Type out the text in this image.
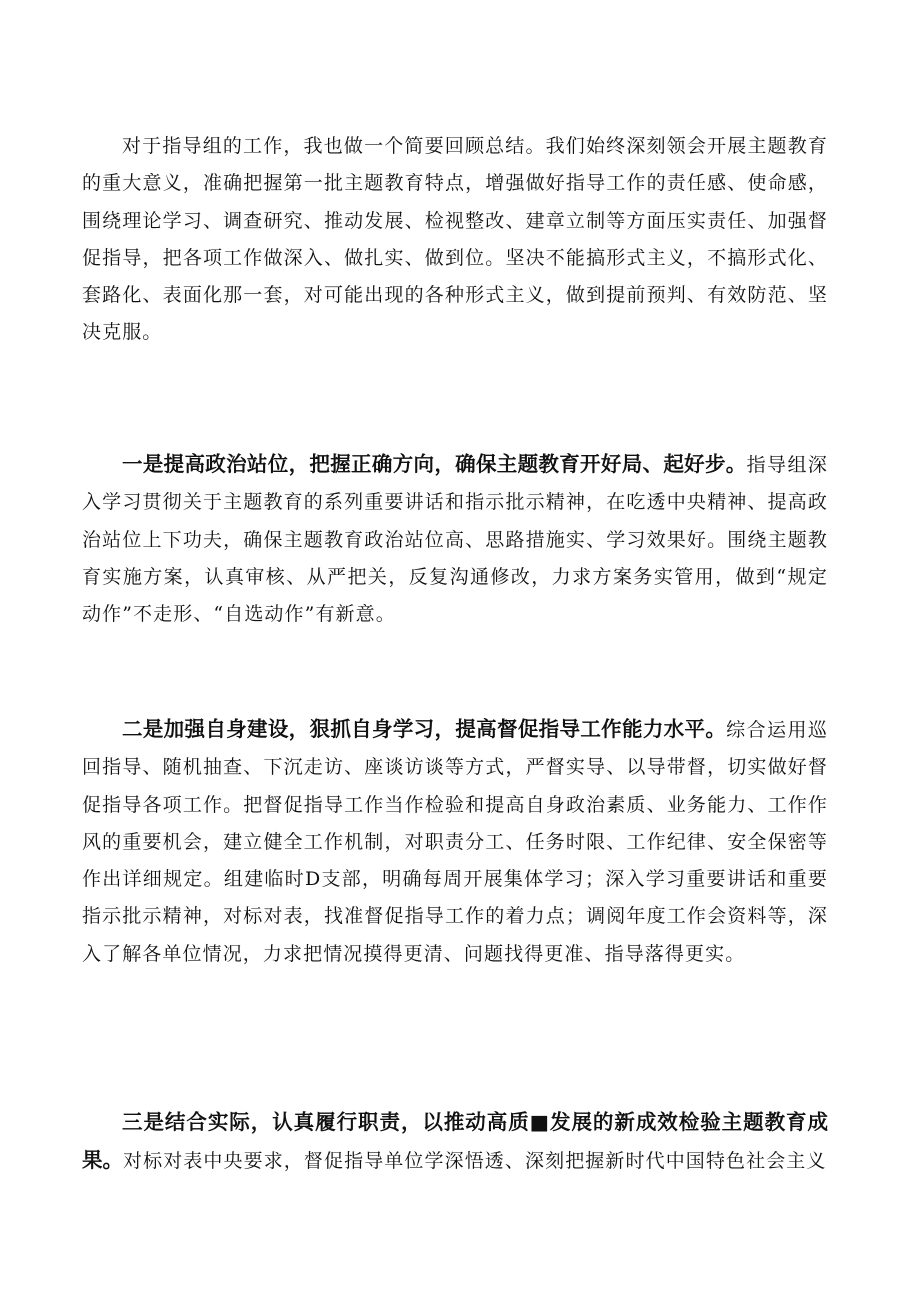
对于指导组的工作，我也做一个简要回顾总结。我们始终深刻领会开展主题教育的重大意义，准确把握第一批主题教育特点，增强做好指导工作的责任感、使命感，围绕理论学习、调查研究、推动发展、检视整改、建章立制等方面压实责任、加强督促指导，把各项工作做深入、做扎实、做到位。坚决不能搞形式主义，不搞形式化、套路化、表面化那一套，对可能出现的各种形式主义，做到提前预判、有效防范、坚决克服。

一是提高政治站位，把握正确方向，确保主题教育开好局、起好步。指导组深入学习贯彻关于主题教育的系列重要讲话和指示批示精神，在吃透中央精神、提高政治站位上下功夫，确保主题教育政治站位高、思路措施实、学习效果好。围绕主题教育实施方案，认真审核、从严把关，反复沟通修改，力求方案务实管用，做到“规定动作”不走形、“自选动作”有新意。

二是加强自身建设，狠抓自身学习，提高督促指导工作能力水平。综合运用巡回指导、随机抽查、下沉走访、座谈访谈等方式，严督实导、以导带督，切实做好督促指导各项工作。把督促指导工作当作检验和提高自身政治素质、业务能力、工作作风的重要机会，建立健全工作机制，对职责分工、任务时限、工作纪律、安全保密等作出详细规定。组建临时D支部，明确每周开展集体学习；深入学习重要讲话和重要指示批示精神，对标对表，找准督促指导工作的着力点；调阅年度工作会资料等，深入了解各单位情况，力求把情况摸得更清、问题找得更准、指导落得更实。

三是结合实际，认真履行职责，以推动高质■发展的新成效检验主题教育成果。对标对表中央要求，督促指导单位学深悟透、深刻把握新时代中国特色社会主义
